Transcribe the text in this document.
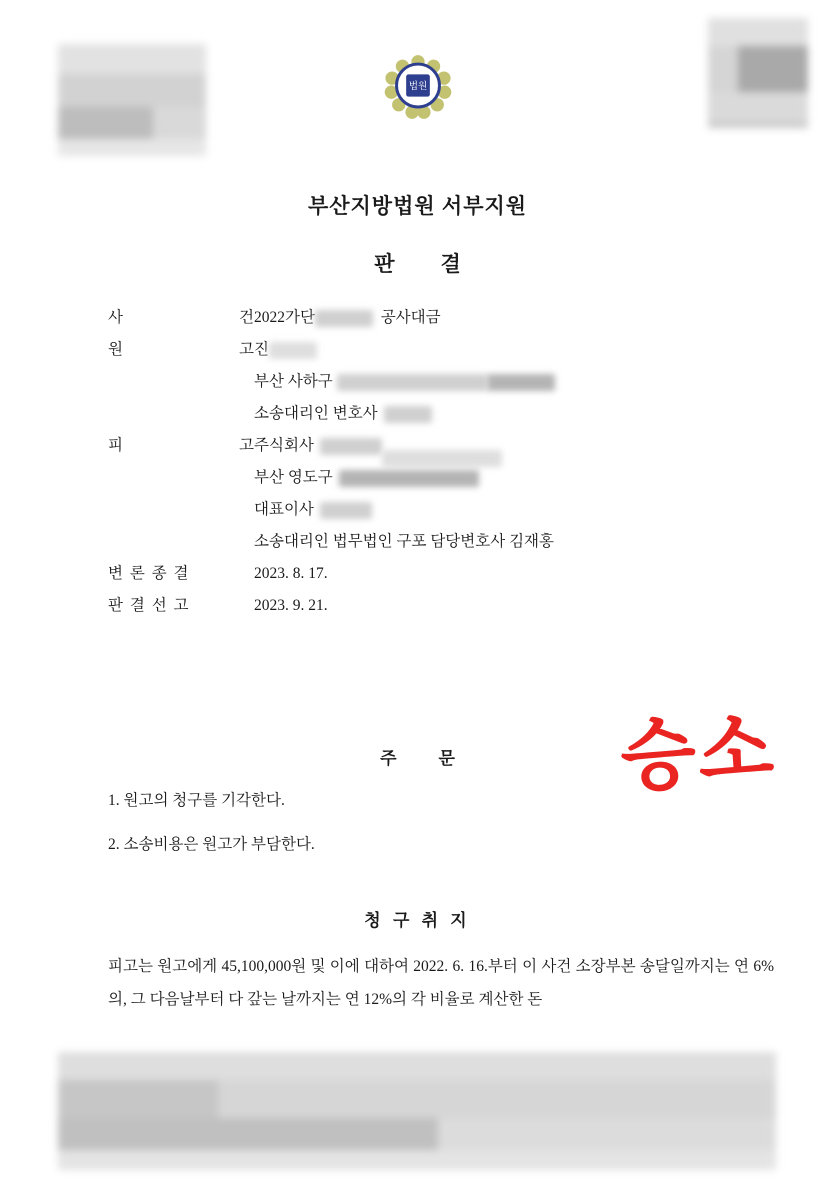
법원
부산지방법원 서부지원
판 결
사	건 2022가단	공사대금
원	고 진
부산 사하구
소송대리인 변호사
피	고 주식회사
부산 영도구
대표이사
소송대리인 법무법인 구포 담당변호사 김재홍
변 론 종 결	2023. 8. 17.
판 결 선 고	2023. 9. 21.
주 문	승소
1. 원고의 청구를 기각한다.
2. 소송비용은 원고가 부담한다.
청 구 취 지
피고는 원고에게 45,100,000원 및 이에 대하여 2022. 6. 16.부터 이 사건 소장부본 송달일까지는 연 6%의, 그 다음날부터 다 갚는 날까지는 연 12%의 각 비율로 계산한 돈
